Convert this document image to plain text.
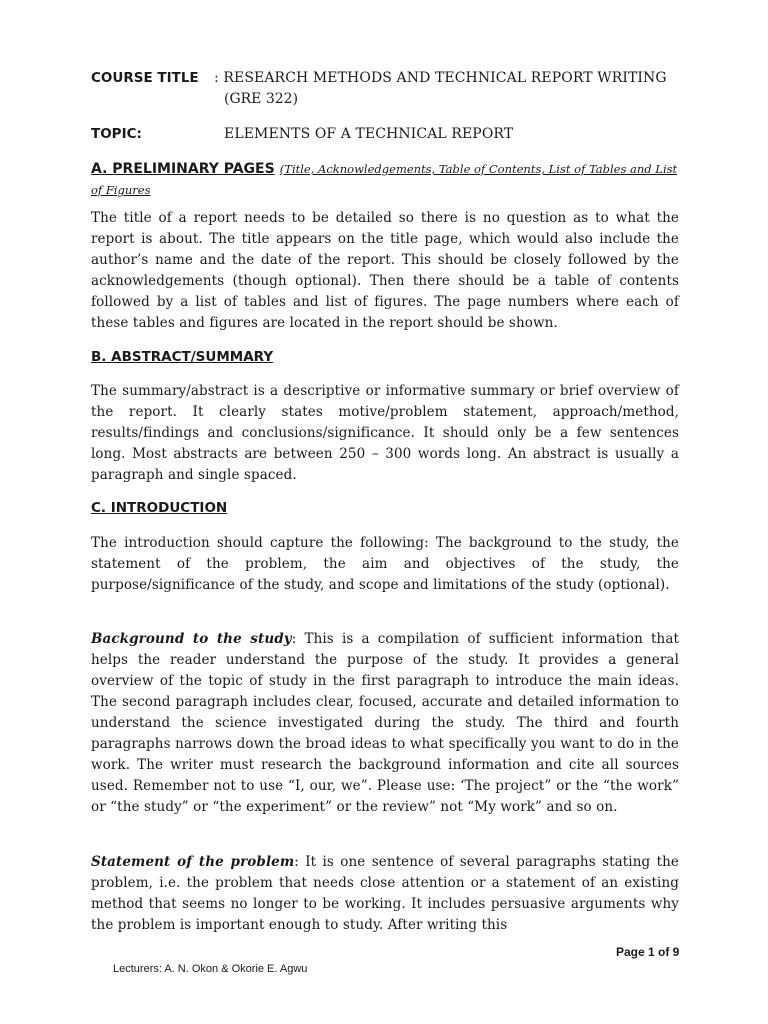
COURSE TITLE : RESEARCH METHODS AND TECHNICAL REPORT WRITING
(GRE 322)
TOPIC:	ELEMENTS OF A TECHNICAL REPORT
A. PRELIMINARY PAGES (Title, Acknowledgements, Table of Contents, List of Tables and List of Figures

The title of a report needs to be detailed so there is no question as to what the report is about. The title appears on the title page, which would also include the author’s name and the date of the report. This should be closely followed by the acknowledgements (though optional). Then there should be a table of contents followed by a list of tables and list of figures. The page numbers where each of these tables and figures are located in the report should be shown.

B. ABSTRACT/SUMMARY

The summary/abstract is a descriptive or informative summary or brief overview of the report. It clearly states motive/problem statement, approach/method, results/findings and conclusions/significance. It should only be a few sentences long. Most abstracts are between 250 – 300 words long. An abstract is usually a paragraph and single spaced.

C. INTRODUCTION

The introduction should capture the following: The background to the study, the statement of the problem, the aim and objectives of the study, the purpose/significance of the study, and scope and limitations of the study (optional).

Background to the study: This is a compilation of sufficient information that helps the reader understand the purpose of the study. It provides a general overview of the topic of study in the first paragraph to introduce the main ideas. The second paragraph includes clear, focused, accurate and detailed information to understand the science investigated during the study. The third and fourth paragraphs narrows down the broad ideas to what specifically you want to do in the work. The writer must research the background information and cite all sources used. Remember not to use “I, our, we”. Please use: ‘The project” or the “the work” or “the study” or “the experiment” or the review” not “My work” and so on.

Statement of the problem: It is one sentence of several paragraphs stating the problem, i.e. the problem that needs close attention or a statement of an existing method that seems no longer to be working. It includes persuasive arguments why the problem is important enough to study. After writing this

Page 1 of 9
Lecturers: A. N. Okon & Okorie E. Agwu
